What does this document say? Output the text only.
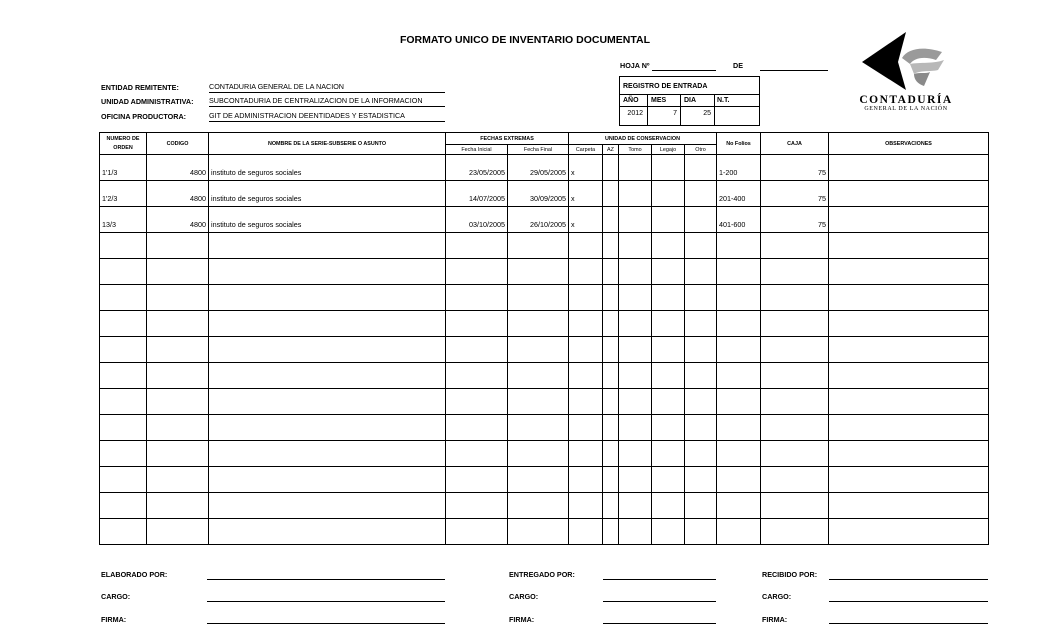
FORMATO UNICO DE INVENTARIO DOCUMENTAL
HOJA Nº	DE
ENTIDAD REMITENTE:	CONTADURIA GENERAL DE LA NACION
UNIDAD ADMINISTRATIVA: SUBCONTADURIA DE CENTRALIZACION DE LA INFORMACION
OFICINA PRODUCTORA:	GIT DE ADMINISTRACION DEENTIDADES Y ESTADISTICA
REGISTRO DE ENTRADA
AÑO MES	DIA	N.T.
2012	7	25
CONTADURÍA
GENERAL DE LA NACIÓN
NUMERO DE ORDEN	CODIGO	NOMBRE DE LA SERIE-SUBSERIE O ASUNTO	FECHAS EXTREMAS		UNIDAD DE CONSERVACION					No Folios	CAJA	OBSERVACIONES
			Fecha Inicial	Fecha Final	Carpeta	AZ	Tomo	Legajo	Otro			
1'1/3	4800	instituto de seguros sociales	23/05/2005	29/05/2005	x					1-200	75	
1'2/3	4800	instituto de seguros sociales	14/07/2005	30/09/2005	x					201-400	75	
13/3	4800	instituto de seguros sociales	03/10/2005	26/10/2005	x					401-600	75	

ELABORADO POR:
CARGO:
FIRMA:
ENTREGADO POR:
CARGO:
FIRMA:
RECIBIDO POR:
CARGO:
FIRMA:
